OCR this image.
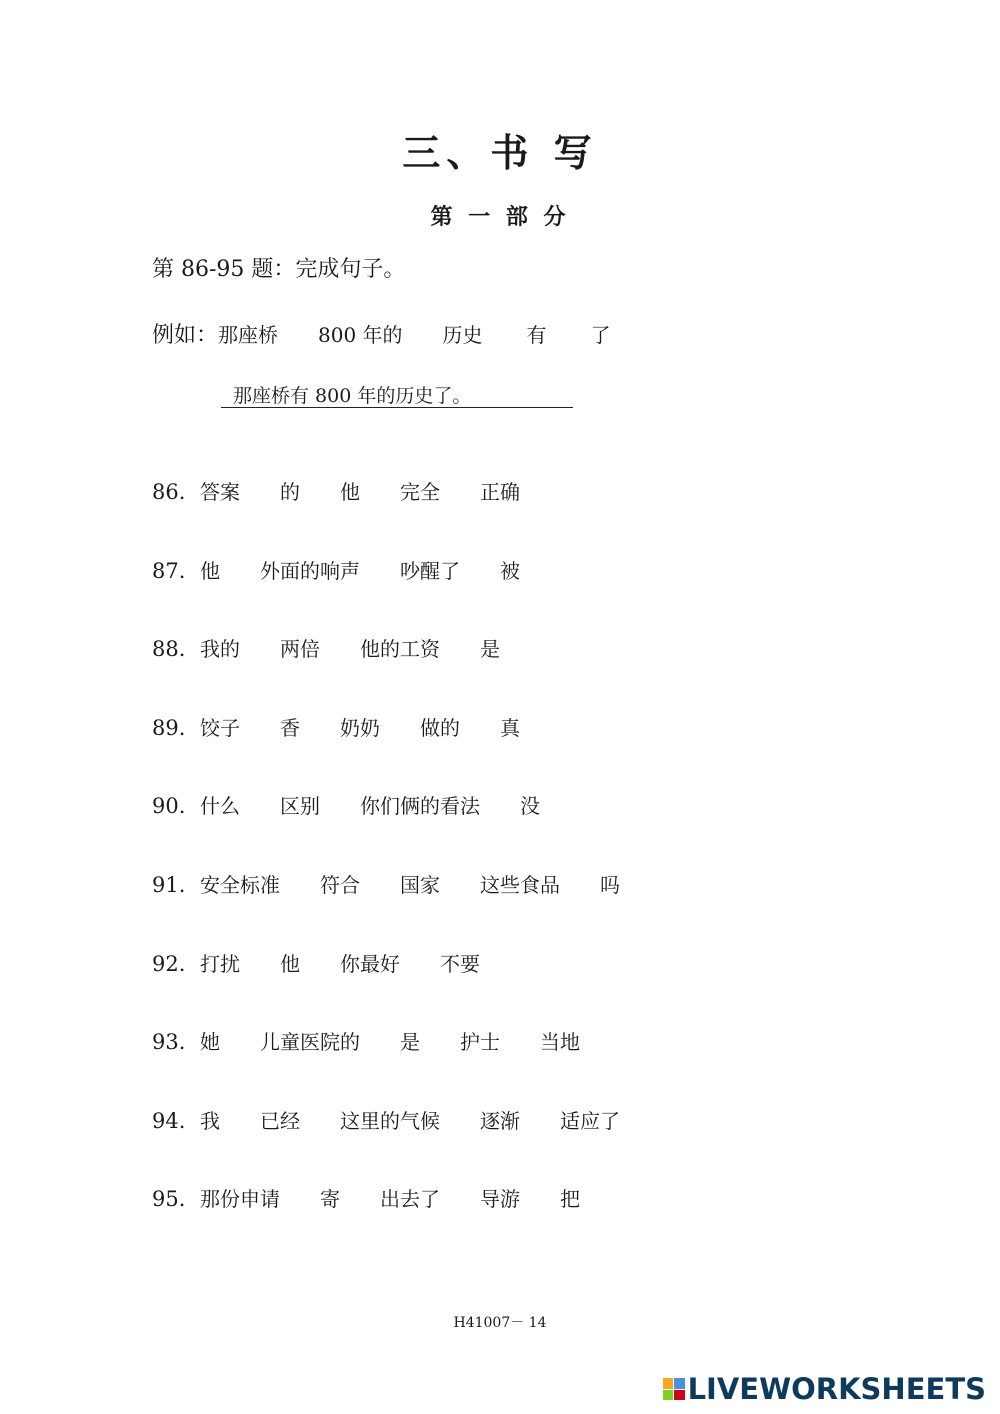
三、书 写
第 一 部 分
第 86-95 题：完成句子。
例如： 那座桥 800 年的 历史 有 了
那座桥有 800 年的历史了。
86. 答案 的 他 完全 正确
87. 他 外面的响声 吵醒了 被
88. 我的 两倍 他的工资 是
89. 饺子 香 奶奶 做的 真
90. 什么 区别 你们俩的看法 没
91. 安全标准 符合 国家 这些食品 吗
92. 打扰 他 你最好 不要
93. 她 儿童医院的 是 护士 当地
94. 我 已经 这里的气候 逐渐 适应了
95. 那份申请 寄 出去了 导游 把
H41007－ 14
LIVEWORKSHEETS
